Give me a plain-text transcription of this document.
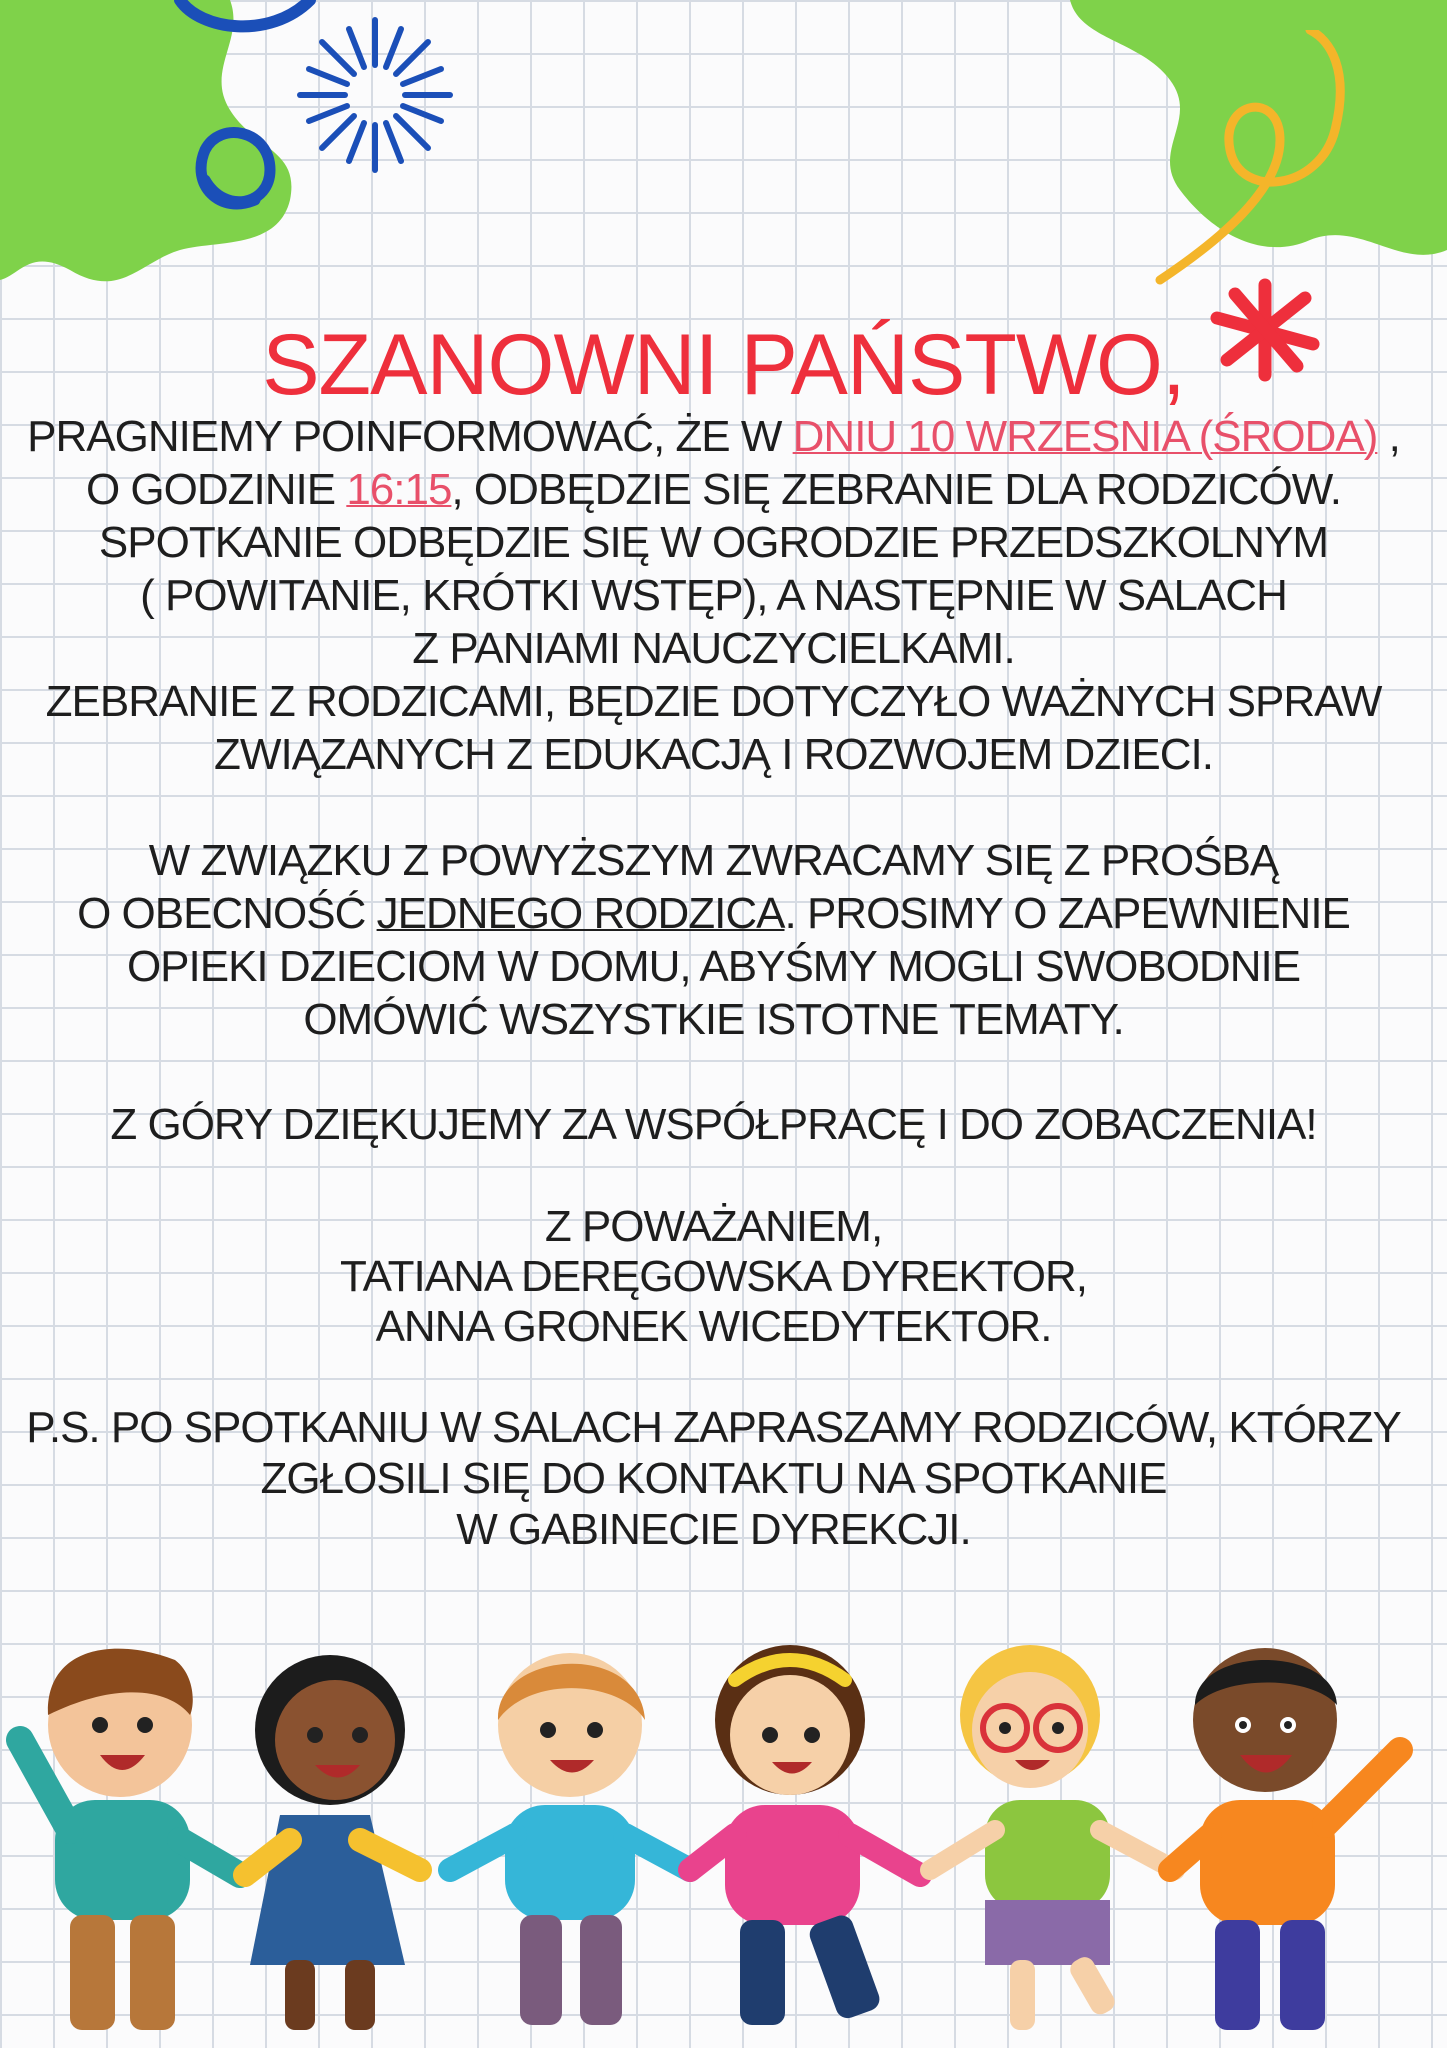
SZANOWNI PAŃSTWO,

PRAGNIEMY POINFORMOWAĆ, ŻE W DNIU 10 WRZESNIA (ŚRODA) ,

O GODZINIE 16:15, ODBĘDZIE SIĘ ZEBRANIE DLA RODZICÓW.

SPOTKANIE ODBĘDZIE SIĘ W OGRODZIE PRZEDSZKOLNYM

( POWITANIE, KRÓTKI WSTĘP), A NASTĘPNIE W SALACH

Z PANIAMI NAUCZYCIELKAMI.

ZEBRANIE Z RODZICAMI, BĘDZIE DOTYCZYŁO WAŻNYCH SPRAW

ZWIĄZANYCH Z EDUKACJĄ I ROZWOJEM DZIECI.

W ZWIĄZKU Z POWYŻSZYM ZWRACAMY SIĘ Z PROŚBĄ

O OBECNOŚĆ JEDNEGO RODZICA. PROSIMY O ZAPEWNIENIE

OPIEKI DZIECIOM W DOMU, ABYŚMY MOGLI SWOBODNIE

OMÓWIĆ WSZYSTKIE ISTOTNE TEMATY.

Z GÓRY DZIĘKUJEMY ZA WSPÓŁPRACĘ I DO ZOBACZENIA!

Z POWAŻANIEM,

TATIANA DERĘGOWSKA DYREKTOR,

ANNA GRONEK WICEDYTEKTOR.

P.S. PO SPOTKANIU W SALACH ZAPRASZAMY RODZICÓW, KTÓRZY

ZGŁOSILI SIĘ DO KONTAKTU NA SPOTKANIE

W GABINECIE DYREKCJI.
